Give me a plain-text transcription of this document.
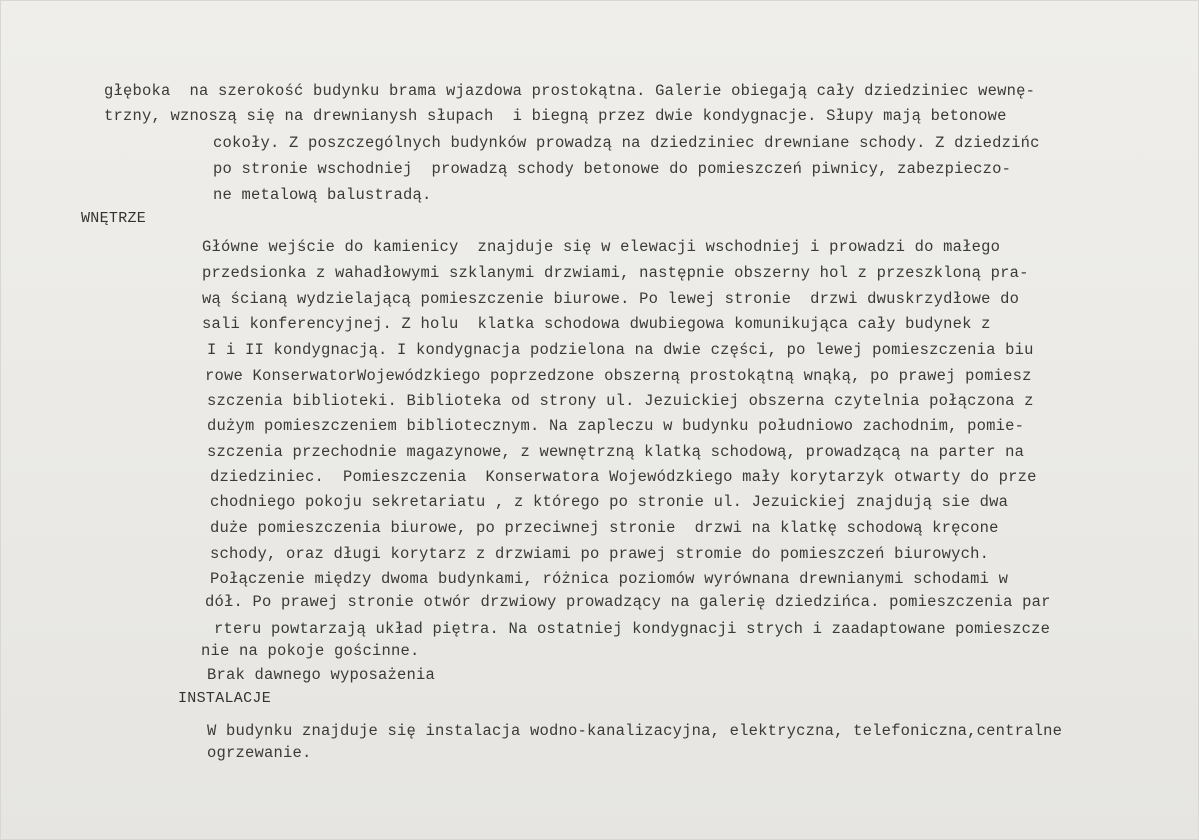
głęboka  na szerokość budynku brama wjazdowa prostokątna. Galerie obiegają cały dziedziniec wewnę-

trzny, wznoszą się na drewnianysh słupach  i biegną przez dwie kondygnacje. Słupy mają betonowe

cokoły. Z poszczególnych budynków prowadzą na dziedziniec drewniane schody. Z dziedzińc

po stronie wschodniej  prowadzą schody betonowe do pomieszczeń piwnicy, zabezpieczo-

ne metalową balustradą.

WNĘTRZE

Główne wejście do kamienicy  znajduje się w elewacji wschodniej i prowadzi do małego

przedsionka z wahadłowymi szklanymi drzwiami, następnie obszerny hol z przeszkloną pra-

wą ścianą wydzielającą pomieszczenie biurowe. Po lewej stronie  drzwi dwuskrzydłowe do

sali konferencyjnej. Z holu  klatka schodowa dwubiegowa komunikująca cały budynek z

I i II kondygnacją. I kondygnacja podzielona na dwie części, po lewej pomieszczenia biu

rowe KonserwatorWojewódzkiego poprzedzone obszerną prostokątną wnąką, po prawej pomiesz

szczenia biblioteki. Biblioteka od strony ul. Jezuickiej obszerna czytelnia połączona z

dużym pomieszczeniem bibliotecznym. Na zapleczu w budynku południowo zachodnim, pomie-

szczenia przechodnie magazynowe, z wewnętrzną klatką schodową, prowadzącą na parter na

dziedziniec.  Pomieszczenia  Konserwatora Wojewódzkiego mały korytarzyk otwarty do prze

chodniego pokoju sekretariatu , z którego po stronie ul. Jezuickiej znajdują sie dwa

duże pomieszczenia biurowe, po przeciwnej stronie  drzwi na klatkę schodową kręcone

schody, oraz długi korytarz z drzwiami po prawej stromie do pomieszczeń biurowych.

Połączenie między dwoma budynkami, różnica poziomów wyrównana drewnianymi schodami w

dół. Po prawej stronie otwór drzwiowy prowadzący na galerię dziedzińca. pomieszczenia par

rteru powtarzają układ piętra. Na ostatniej kondygnacji strych i zaadaptowane pomieszcze

nie na pokoje gościnne.

Brak dawnego wyposażenia

INSTALACJE

W budynku znajduje się instalacja wodno-kanalizacyjna, elektryczna, telefoniczna,centralne

ogrzewanie.
